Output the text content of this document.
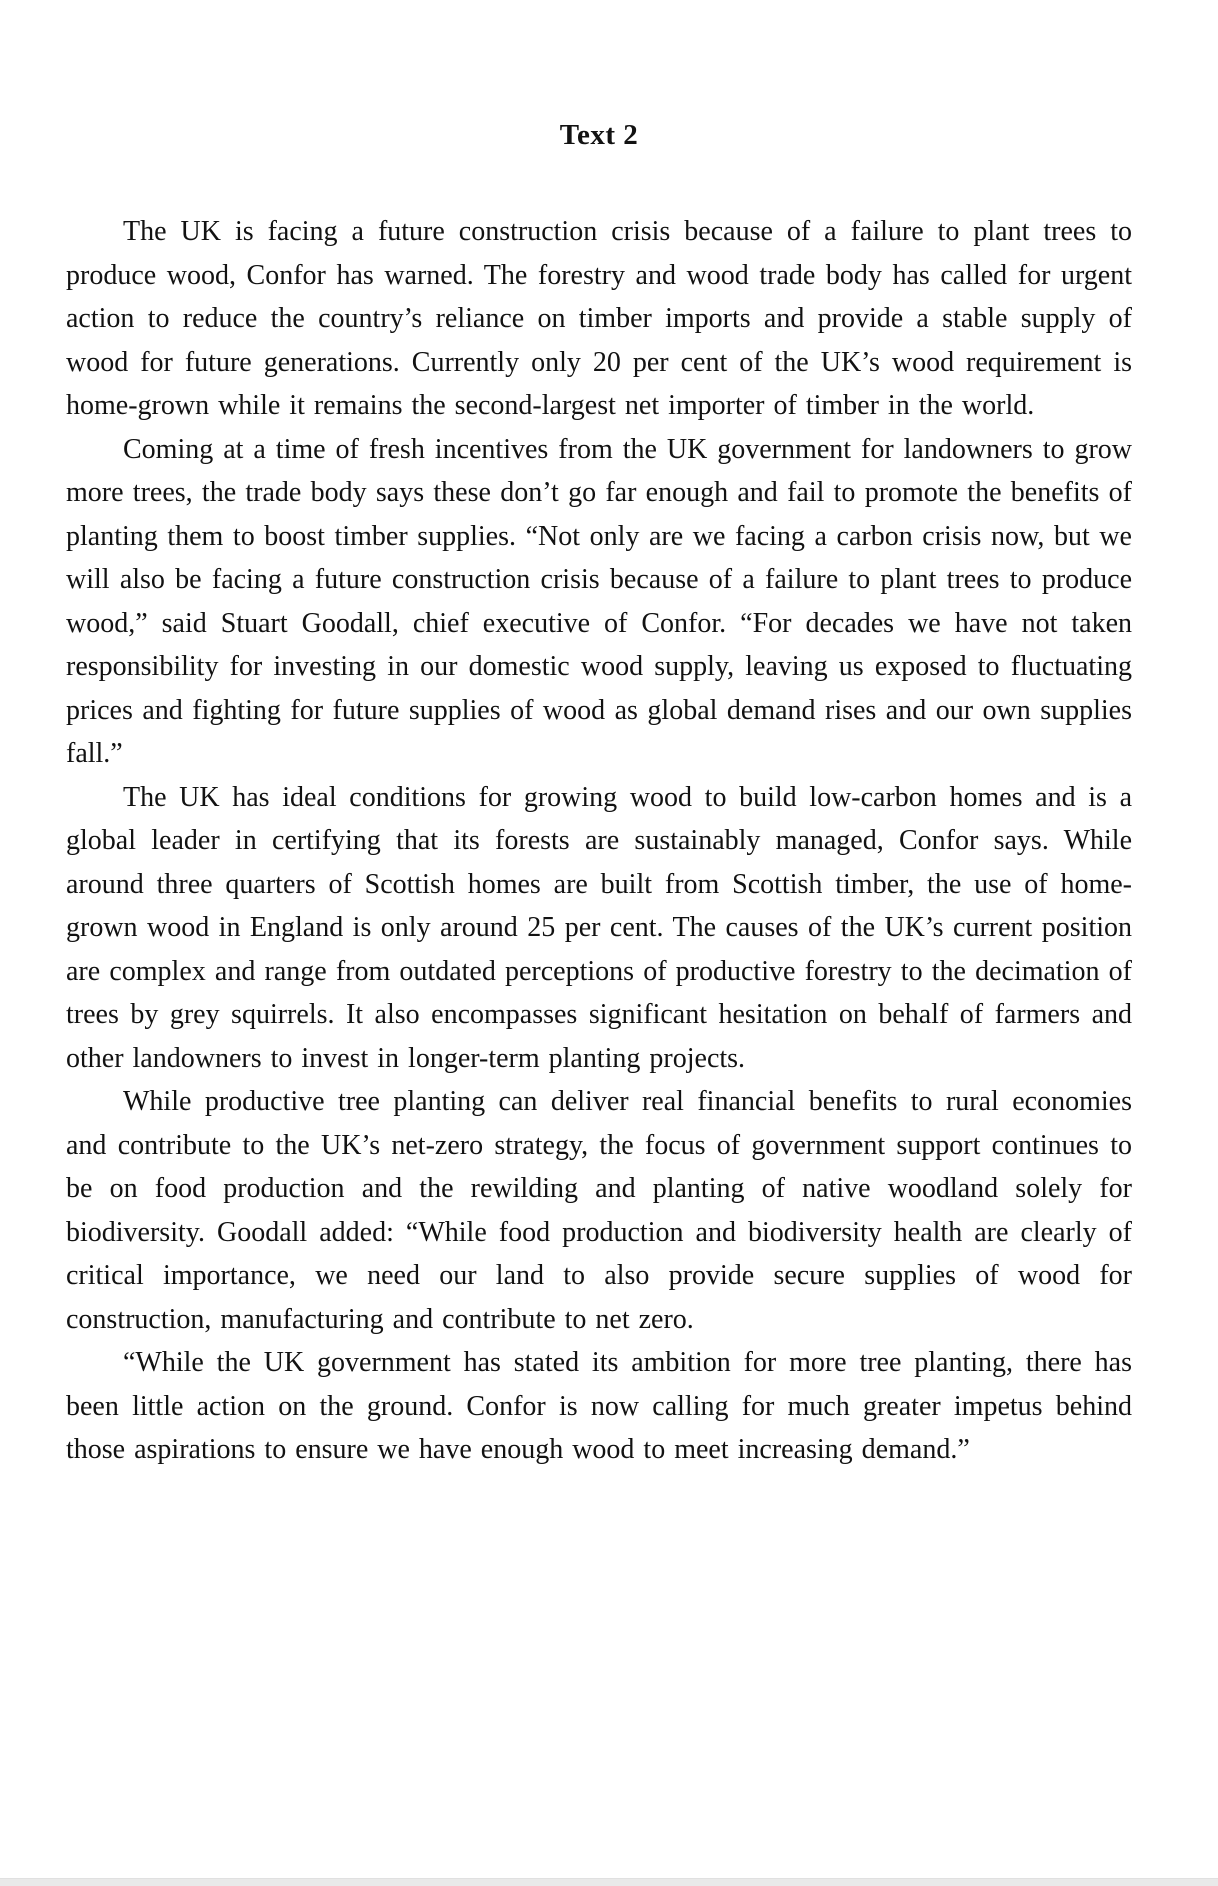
Text 2

The UK is facing a future construction crisis because of a failure to plant trees to produce wood, Confor has warned. The forestry and wood trade body has called for urgent action to reduce the country’s reliance on timber imports and provide a stable supply of wood for future generations. Currently only 20 per cent of the UK’s wood requirement is home-grown while it remains the second-largest net importer of timber in the world.

Coming at a time of fresh incentives from the UK government for landowners to grow more trees, the trade body says these don’t go far enough and fail to promote the benefits of planting them to boost timber supplies. “Not only are we facing a carbon crisis now, but we will also be facing a future construction crisis because of a failure to plant trees to produce wood,” said Stuart Goodall, chief executive of Confor. “For decades we have not taken responsibility for investing in our domestic wood supply, leaving us exposed to fluctuating prices and fighting for future supplies of wood as global demand rises and our own supplies fall.”

The UK has ideal conditions for growing wood to build low-carbon homes and is a global leader in certifying that its forests are sustainably managed, Confor says. While around three quarters of Scottish homes are built from Scottish timber, the use of home-grown wood in England is only around 25 per cent. The causes of the UK’s current position are complex and range from outdated perceptions of productive forestry to the decimation of trees by grey squirrels. It also encompasses significant hesitation on behalf of farmers and other landowners to invest in longer-term planting projects.

While productive tree planting can deliver real financial benefits to rural economies and contribute to the UK’s net-zero strategy, the focus of government support continues to be on food production and the rewilding and planting of native woodland solely for biodiversity. Goodall added: “While food production and biodiversity health are clearly of critical importance, we need our land to also provide secure supplies of wood for construction, manufacturing and contribute to net zero.

“While the UK government has stated its ambition for more tree planting, there has been little action on the ground. Confor is now calling for much greater impetus behind those aspirations to ensure we have enough wood to meet increasing demand.”
